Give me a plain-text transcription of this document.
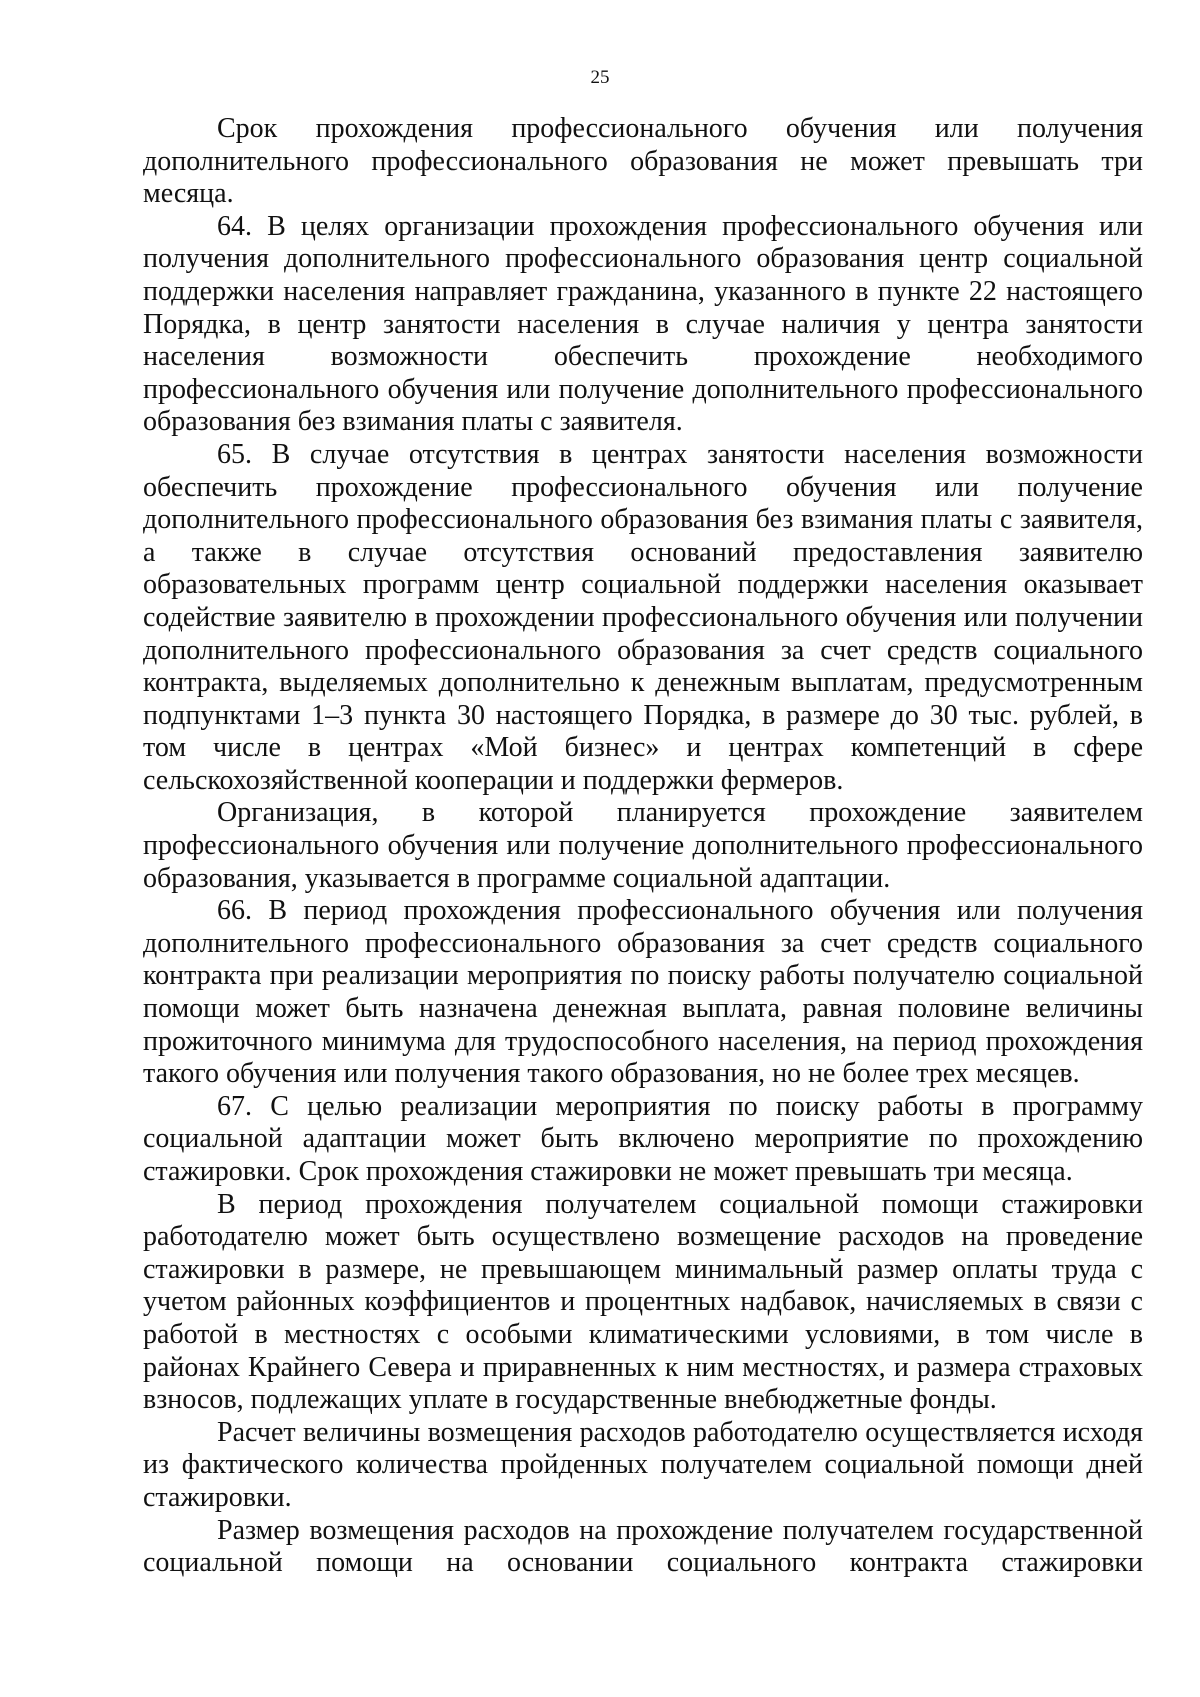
25

Срок прохождения профессионального обучения или получения дополнительного профессионального образования не может превышать три месяца.

64. В целях организации прохождения профессионального обучения или получения дополнительного профессионального образования центр социальной поддержки населения направляет гражданина, указанного в пункте 22 настоящего Порядка, в центр занятости населения в случае наличия у центра занятости населения возможности обеспечить прохождение необходимого профессионального обучения или получение дополнительного профессионального образования без взимания платы с заявителя.

65. В случае отсутствия в центрах занятости населения возможности обеспечить прохождение профессионального обучения или получение дополнительного профессионального образования без взимания платы с заявителя, а также в случае отсутствия оснований предоставления заявителю образовательных программ центр социальной поддержки населения оказывает содействие заявителю в прохождении профессионального обучения или получении дополнительного профессионального образования за счет средств социального контракта, выделяемых дополнительно к денежным выплатам, предусмотренным подпунктами 1–3 пункта 30 настоящего Порядка, в размере до 30 тыс. рублей, в том числе в центрах «Мой бизнес» и центрах компетенций в сфере сельскохозяйственной кооперации и поддержки фермеров.

Организация, в которой планируется прохождение заявителем профессионального обучения или получение дополнительного профессионального образования, указывается в программе социальной адаптации.

66. В период прохождения профессионального обучения или получения дополнительного профессионального образования за счет средств социального контракта при реализации мероприятия по поиску работы получателю социальной помощи может быть назначена денежная выплата, равная половине величины прожиточного минимума для трудоспособного населения, на период прохождения такого обучения или получения такого образования, но не более трех месяцев.

67. С целью реализации мероприятия по поиску работы в программу социальной адаптации может быть включено мероприятие по прохождению стажировки. Срок прохождения стажировки не может превышать три месяца.

В период прохождения получателем социальной помощи стажировки работодателю может быть осуществлено возмещение расходов на проведение стажировки в размере, не превышающем минимальный размер оплаты труда с учетом районных коэффициентов и процентных надбавок, начисляемых в связи с работой в местностях с особыми климатическими условиями, в том числе в районах Крайнего Севера и приравненных к ним местностях, и размера страховых взносов, подлежащих уплате в государственные внебюджетные фонды.

Расчет величины возмещения расходов работодателю осуществляется исходя из фактического количества пройденных получателем социальной помощи дней стажировки.

Размер возмещения расходов на прохождение получателем государственной социальной помощи на основании социального контракта стажировки
